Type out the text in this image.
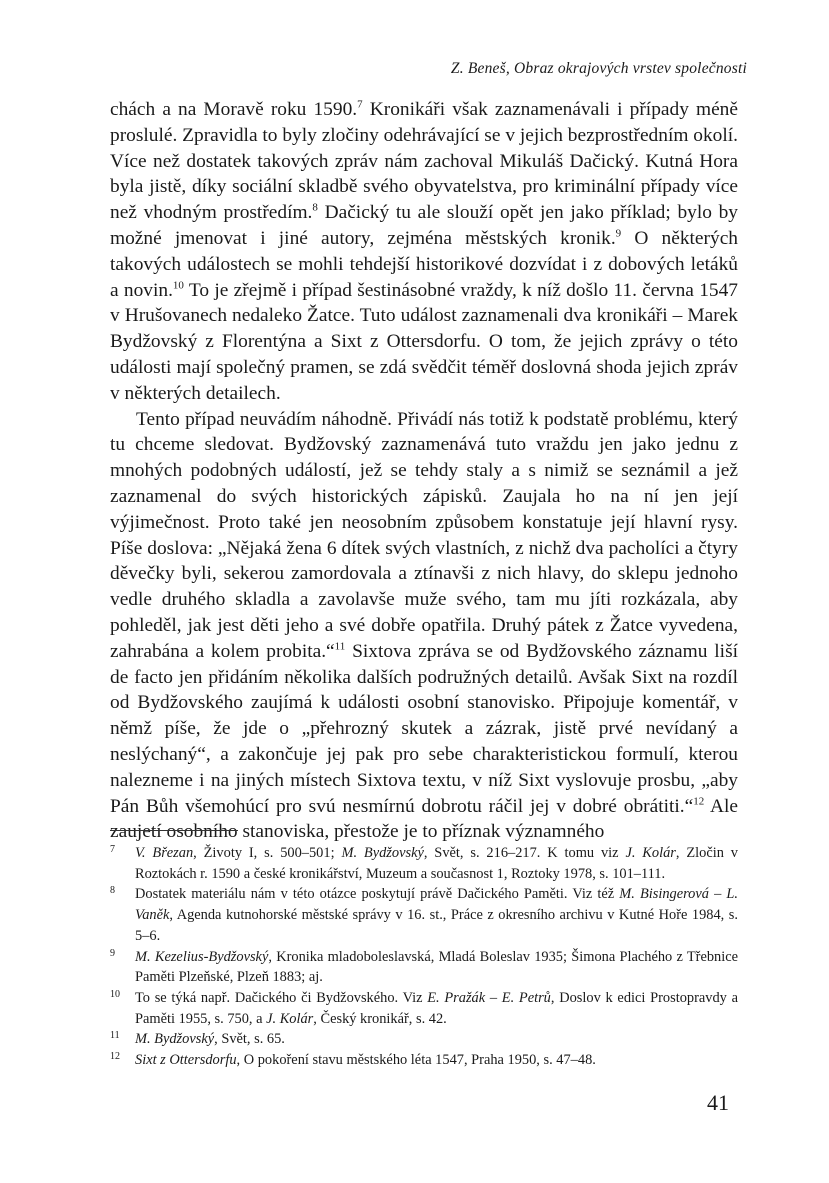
Z. Beneš, Obraz okrajových vrstev společnosti

chách a na Moravě roku 1590.$^7$ Kronikáři však zaznamenávali i případy méně proslulé. Zpravidla to byly zločiny odehrávající se v jejich bezprostředním okolí. Více než dostatek takových zpráv nám zachoval Mikuláš Dačický. Kutná Hora byla jistě, díky sociální skladbě svého obyvatelstva, pro kriminální případy více než vhodným prostředím.$^8$ Dačický tu ale slouží opět jen jako příklad; bylo by možné jmenovat i jiné autory, zejména městských kronik.$^9$ O některých takových událostech se mohli tehdejší historikové dozvídat i z dobových letáků a novin.$^{10}$ To je zřejmě i případ šestinásobné vraždy, k níž došlo 11. června 1547 v Hrušovanech nedaleko Žatce. Tuto událost zaznamenali dva kronikáři – Marek Bydžovský z Florentýna a Sixt z Ottersdorfu. O tom, že jejich zprávy o této události mají společný pramen, se zdá svědčit téměř doslovná shoda jejich zpráv v některých detailech.

Tento případ neuvádím náhodně. Přivádí nás totiž k podstatě problému, který tu chceme sledovat. Bydžovský zaznamenává tuto vraždu jen jako jednu z mnohých podobných událostí, jež se tehdy staly a s nimiž se seznámil a jež zaznamenal do svých historických zápisků. Zaujala ho na ní jen její výjimečnost. Proto také jen neosobním způsobem konstatuje její hlavní rysy. Píše doslova: „Nějaká žena 6 dítek svých vlastních, z nichž dva pacholíci a čtyry děvečky byli, sekerou zamordovala a ztínavši z nich hlavy, do sklepu jednoho vedle druhého skladla a zavolavše muže svého, tam mu jíti rozkázala, aby pohleděl, jak jest děti jeho a své dobře opatřila. Druhý pátek z Žatce vyvedena, zahrabána a kolem probita.“$^{11}$ Sixtova zpráva se od Bydžovského záznamu liší de facto jen přidáním několika dalších podružných detailů. Avšak Sixt na rozdíl od Bydžovského zaujímá k události osobní stanovisko. Připojuje komentář, v němž píše, že jde o „přehrozný skutek a zázrak, jistě prvé nevídaný a neslýchaný“, a zakončuje jej pak pro sebe charakteristickou formulí, kterou nalezneme i na jiných místech Sixtova textu, v níž Sixt vyslovuje prosbu, „aby Pán Bůh všemohúcí pro svú nesmírnú dobrotu ráčil jej v dobré obrátiti.“$^{12}$ Ale zaujetí osobního stanoviska, přestože je to příznak významného

7 V. Březan, Životy I, s. 500–501; M. Bydžovský, Svět, s. 216–217. K tomu viz J. Kolár, Zločin v Roztokách r. 1590 a české kronikářství, Muzeum a současnost 1, Roztoky 1978, s. 101–111.
8 Dostatek materiálu nám v této otázce poskytují právě Dačického Paměti. Viz též M. Bisingerová – L. Vaněk, Agenda kutnohorské městské správy v 16. st., Práce z okresního archivu v Kutné Hoře 1984, s. 5–6.
9 M. Kezelius-Bydžovský, Kronika mladoboleslavská, Mladá Boleslav 1935; Šimona Plachého z Třebnice Paměti Plzeňské, Plzeň 1883; aj.
10 To se týká např. Dačického či Bydžovského. Viz E. Pražák – E. Petrů, Doslov k edici Prostopravdy a Paměti 1955, s. 750, a J. Kolár, Český kronikář, s. 42.
11 M. Bydžovský, Svět, s. 65.
12 Sixt z Ottersdorfu, O pokoření stavu městského léta 1547, Praha 1950, s. 47–48.
41
